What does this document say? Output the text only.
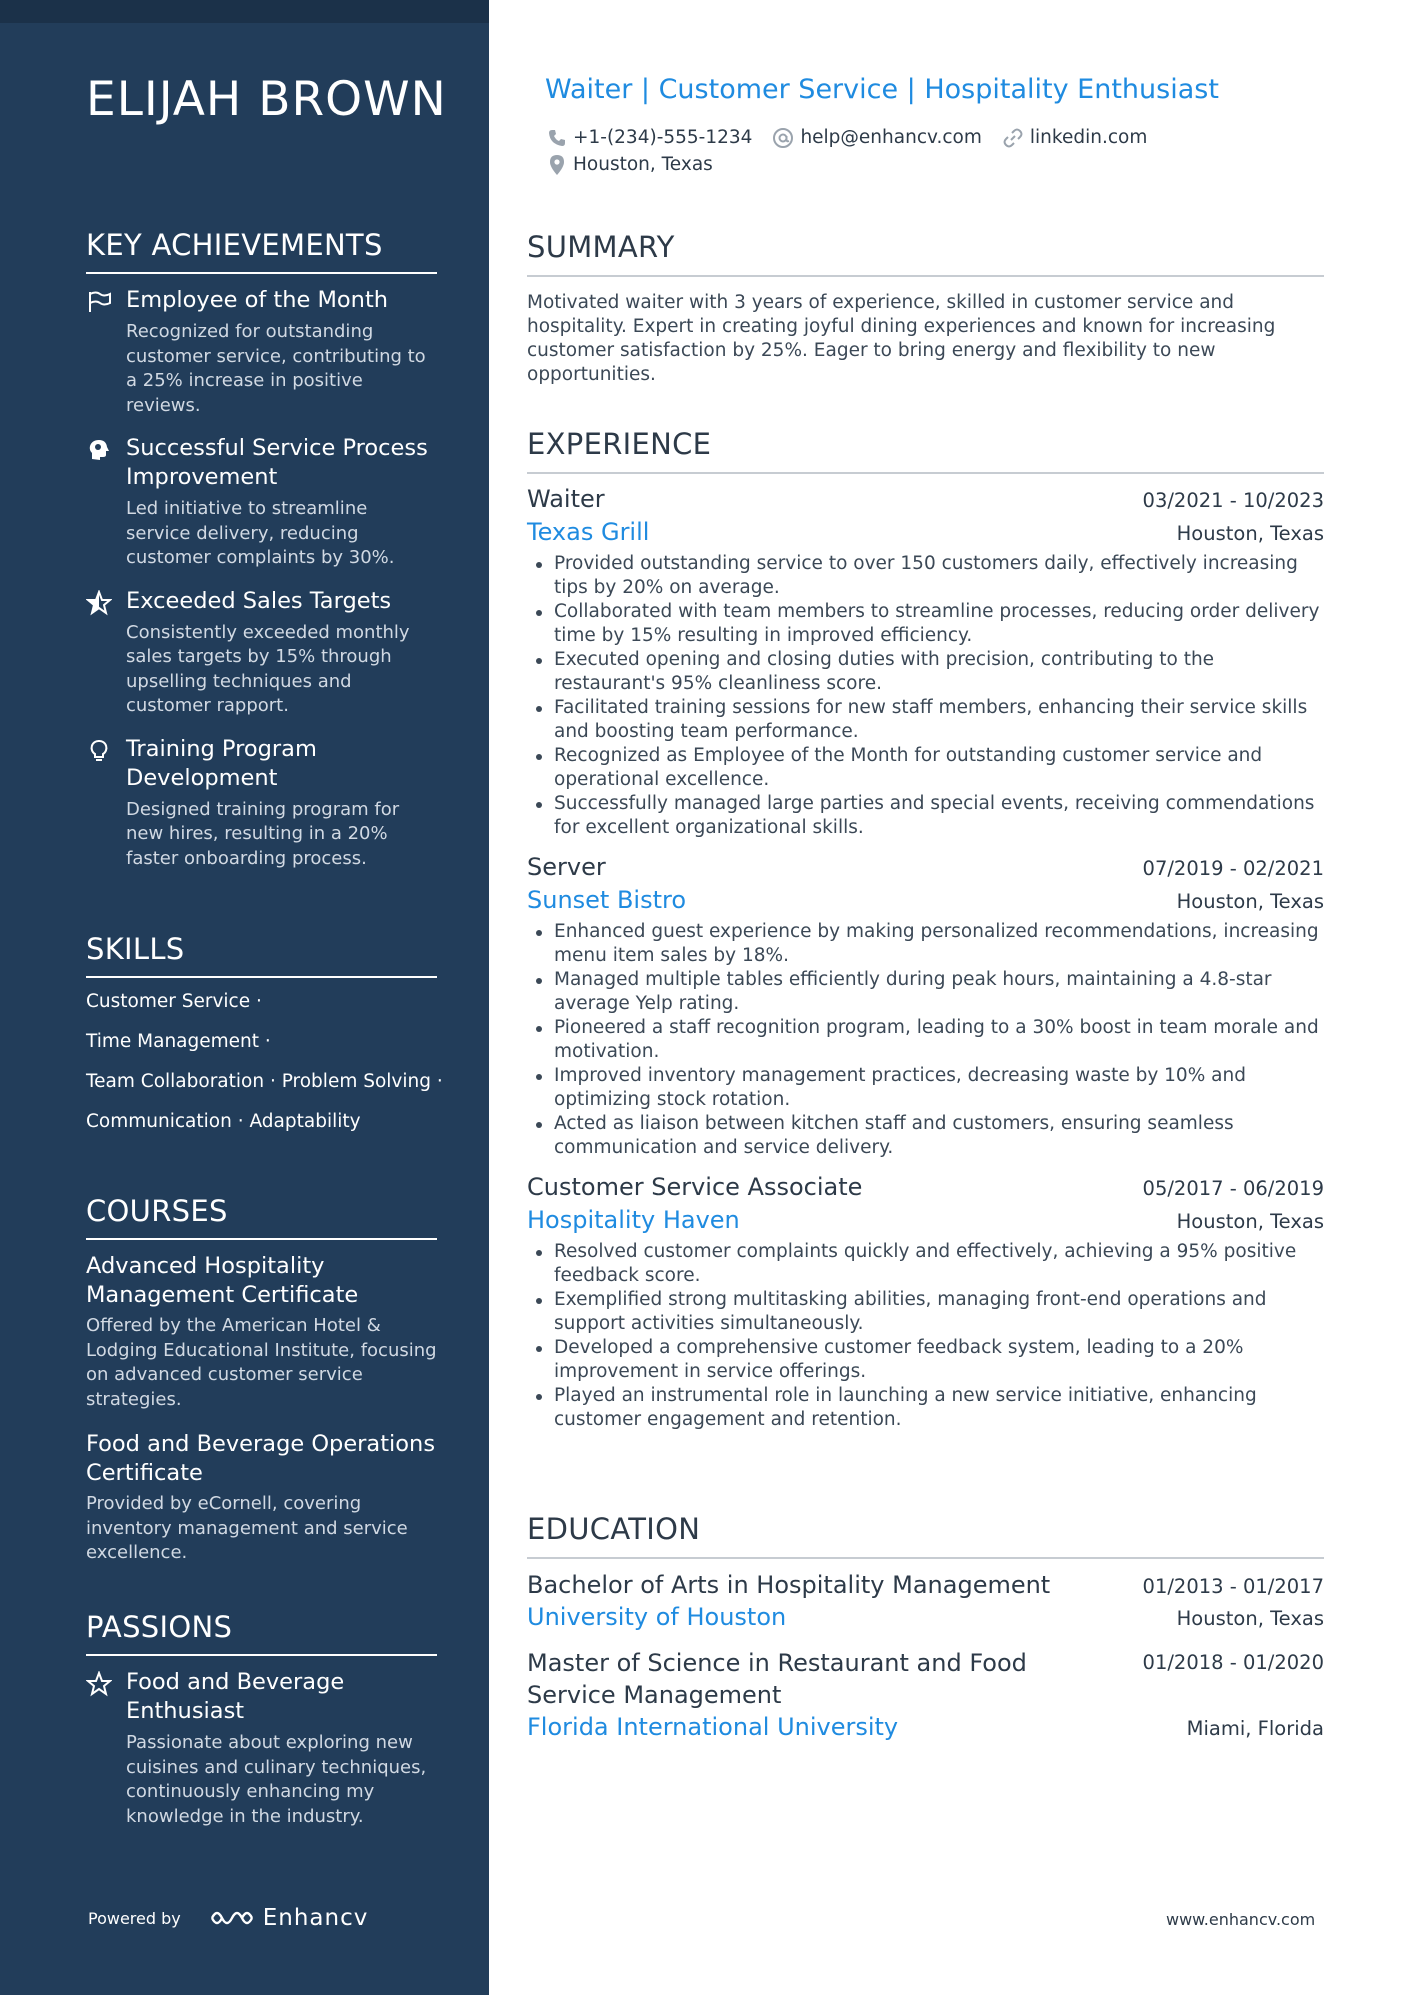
ELIJAH BROWN
KEY ACHIEVEMENTS
Employee of the Month
Recognized for outstanding customer service, contributing to a 25% increase in positive reviews.
Successful Service Process Improvement
Led initiative to streamline service delivery, reducing customer complaints by 30%.
Exceeded Sales Targets
Consistently exceeded monthly sales targets by 15% through upselling techniques and customer rapport.
Training Program Development
Designed training program for new hires, resulting in a 20% faster onboarding process.
SKILLS
Customer Service ·
Time Management ·
Team Collaboration · Problem Solving ·
Communication · Adaptability
COURSES
Advanced Hospitality Management Certificate
Offered by the American Hotel & Lodging Educational Institute, focusing on advanced customer service strategies.
Food and Beverage Operations Certificate
Provided by eCornell, covering inventory management and service excellence.
PASSIONS
Food and Beverage Enthusiast
Passionate about exploring new cuisines and culinary techniques, continuously enhancing my knowledge in the industry.
Powered by	Enhancv
Waiter | Customer Service | Hospitality Enthusiast
+1-(234)-555-1234	help@enhancv.com	linkedin.com
Houston, Texas
SUMMARY
Motivated waiter with 3 years of experience, skilled in customer service and hospitality. Expert in creating joyful dining experiences and known for increasing customer satisfaction by 25%. Eager to bring energy and flexibility to new opportunities.
EXPERIENCE
Waiter	03/2021 - 10/2023
Texas Grill	Houston, Texas
Provided outstanding service to over 150 customers daily, effectively increasing tips by 20% on average.
Collaborated with team members to streamline processes, reducing order delivery time by 15% resulting in improved efficiency.
Executed opening and closing duties with precision, contributing to the restaurant's 95% cleanliness score.
Facilitated training sessions for new staff members, enhancing their service skills and boosting team performance.
Recognized as Employee of the Month for outstanding customer service and operational excellence.
Successfully managed large parties and special events, receiving commendations for excellent organizational skills.
Server	07/2019 - 02/2021
Sunset Bistro	Houston, Texas
Enhanced guest experience by making personalized recommendations, increasing menu item sales by 18%.
Managed multiple tables efficiently during peak hours, maintaining a 4.8-star average Yelp rating.
Pioneered a staff recognition program, leading to a 30% boost in team morale and motivation.
Improved inventory management practices, decreasing waste by 10% and optimizing stock rotation.
Acted as liaison between kitchen staff and customers, ensuring seamless communication and service delivery.
Customer Service Associate	05/2017 - 06/2019
Hospitality Haven	Houston, Texas
Resolved customer complaints quickly and effectively, achieving a 95% positive feedback score.
Exemplified strong multitasking abilities, managing front-end operations and support activities simultaneously.
Developed a comprehensive customer feedback system, leading to a 20% improvement in service offerings.
Played an instrumental role in launching a new service initiative, enhancing customer engagement and retention.
EDUCATION
Bachelor of Arts in Hospitality Management	01/2013 - 01/2017
University of Houston	Houston, Texas
Master of Science in Restaurant and Food Service Management
01/2018 - 01/2020
Florida International University	Miami, Florida
www.enhancv.com
